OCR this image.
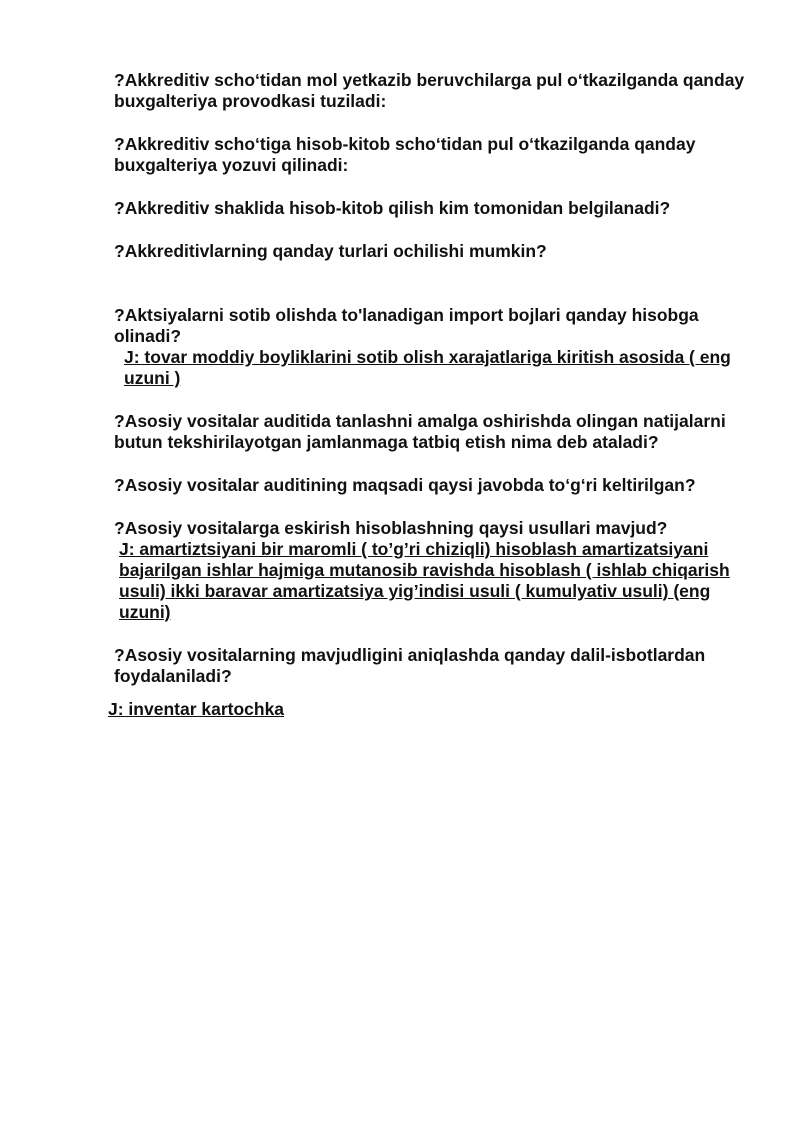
?Akkreditiv scho‘tidan mol yetkazib beruvchilarga pul o‘tkazilganda qanday buxgalteriya provodkasi tuziladi:

?Akkreditiv scho‘tiga hisob-kitob scho‘tidan pul o‘tkazilganda qanday buxgalteriya yozuvi qilinadi:

?Akkreditiv shaklida hisob-kitob qilish kim tomonidan belgilanadi?

?Akkreditivlarning qanday turlari ochilishi mumkin?

?Aktsiyalarni sotib olishda to'lanadigan import bojlari qanday hisobga olinadi?

J: tovar moddiy boyliklarini sotib olish xarajatlariga kiritish asosida ( eng uzuni )

?Asosiy vositalar auditida tanlashni amalga oshirishda olingan natijalarni butun tekshirilayotgan jamlanmaga tatbiq etish nima deb ataladi?

?Asosiy vositalar auditining maqsadi qaysi javobda to‘g‘ri keltirilgan?

?Asosiy vositalarga eskirish hisoblashning qaysi usullari mavjud?

J: amartiztsiyani bir maromli ( to’g’ri chiziqli) hisoblash amartizatsiyani bajarilgan ishlar hajmiga mutanosib ravishda hisoblash ( ishlab chiqarish usuli) ikki baravar amartizatsiya yig’indisi usuli ( kumulyativ usuli) (eng uzuni)

?Asosiy vositalarning mavjudligini aniqlashda qanday dalil-isbotlardan foydalaniladi?

J: inventar kartochka
